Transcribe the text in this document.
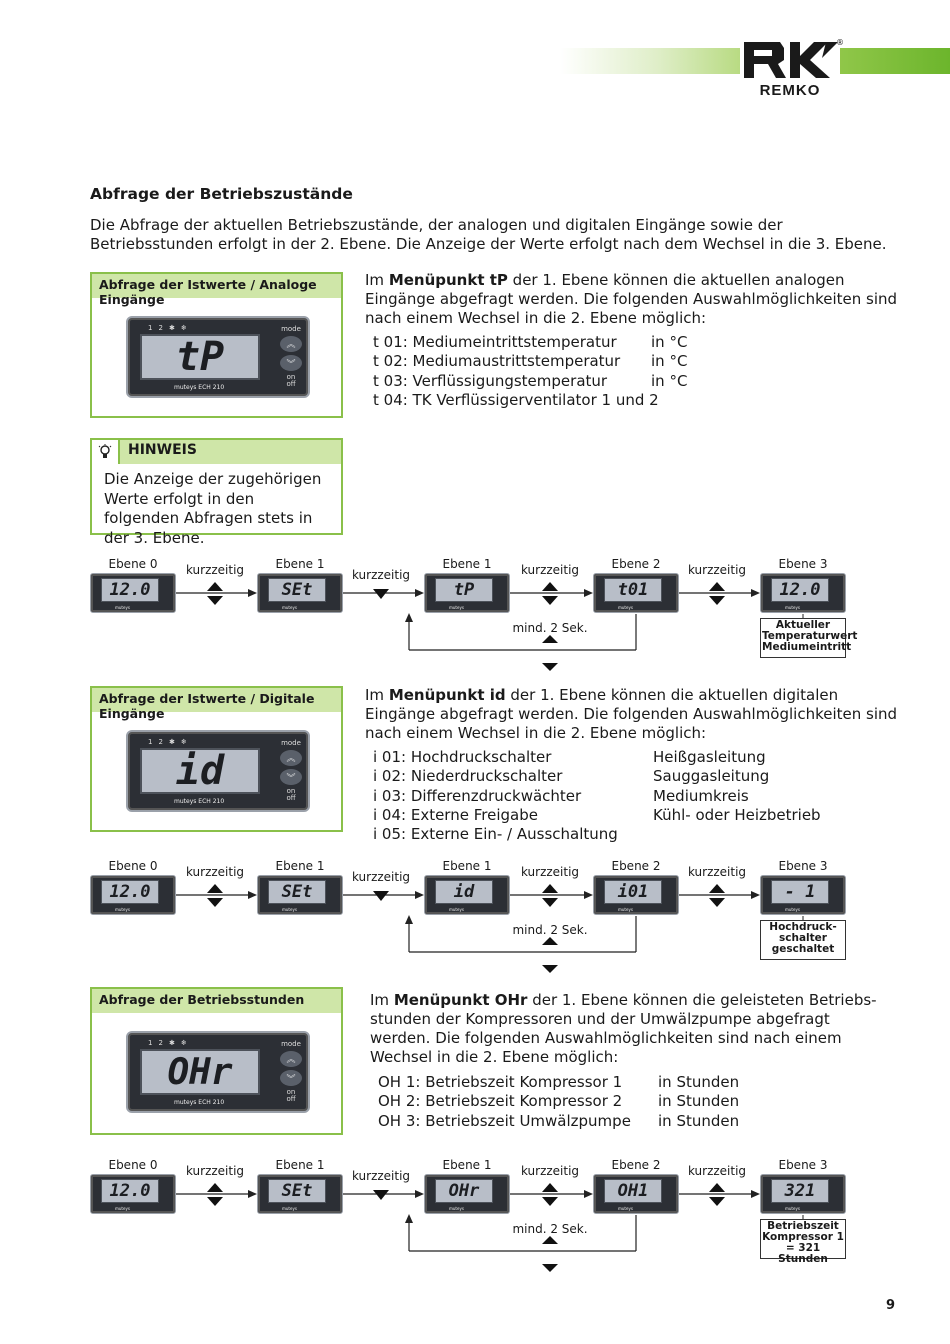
REMKO
®
Abfrage der Betriebszustände
Die Abfrage der aktuellen Betriebszustände, der analogen und digitalen Eingänge sowie der Betriebsstunden erfolgt in der 2. Ebene. Die Anzeige der Werte erfolgt nach dem Wechsel in die 3. Ebene.
Abfrage der Istwerte / Analoge Eingänge
1 2 ✱ ❄
tP
muteys ECH 210
mode
︽
︾
on off
Im Menüpunkt tP der 1. Ebene können die aktuellen analogen Eingänge abgefragt werden. Die folgenden Auswahlmöglichkeiten sind nach einem Wechsel in die 2. Ebene möglich:
t 01: Mediumeintrittstemperatur in °C
t 02: Mediumaustrittstemperatur in °C
t 03: Verflüssigungstemperatur	in °C
t 04: TK Verflüssigerventilator 1 und 2
HINWEIS
Die Anzeige der zugehörigen Werte erfolgt in den folgenden Abfragen stets in der 3. Ebene.
Ebene 0
12.0
muteys
Ebene 1
SEt
muteys
Ebene 1
tP
muteys
Ebene 2
t01
muteys
Ebene 3
12.0
muteys
kurzzeitig	kurzzeitig	kurzzeitig	kurzzeitig
mind. 2 Sek.	Aktueller
Temperaturwert
Mediumeintritt
Abfrage der Istwerte / Digitale Eingänge
1 2 ✱ ❄
id
muteys ECH 210
mode
︽
︾
on off
Im Menüpunkt id der 1. Ebene können die aktuellen digitalen Eingänge abgefragt werden. Die folgenden Auswahlmöglichkeiten sind nach einem Wechsel in die 2. Ebene möglich:
i 01: Hochdruckschalter	Heißgasleitung
i 02: Niederdruckschalter	Sauggasleitung
i 03: Differenzdruckwächter	Mediumkreis
i 04: Externe Freigabe	Kühl- oder Heizbetrieb
i 05: Externe Ein- / Ausschaltung
Ebene 0
12.0
muteys
Ebene 1
SEt
muteys
Ebene 1
id
muteys
Ebene 2
i01
muteys
Ebene 3
- 1
muteys
kurzzeitig	kurzzeitig	kurzzeitig	kurzzeitig
mind. 2 Sek.	Hochdruck-
schalter
geschaltet
Abfrage der Betriebsstunden
1 2 ✱ ❄
OHr
muteys ECH 210
mode
︽
︾
on off
Im Menüpunkt OHr der 1. Ebene können die geleisteten Betriebs-stunden der Kompressoren und der Umwälzpumpe abgefragt werden. Die folgenden Auswahlmöglichkeiten sind nach einem Wechsel in die 2. Ebene möglich:
OH 1: Betriebszeit Kompressor 1 in Stunden
OH 2: Betriebszeit Kompressor 2 in Stunden
OH 3: Betriebszeit Umwälzpumpe in Stunden
Ebene 0
12.0
muteys
Ebene 1
SEt
muteys
Ebene 1
OHr
muteys
Ebene 2
OH1
muteys
Ebene 3
321
muteys
kurzzeitig	kurzzeitig	kurzzeitig	kurzzeitig
mind. 2 Sek.	Betriebszeit
Kompressor 1
= 321 Stunden
9
